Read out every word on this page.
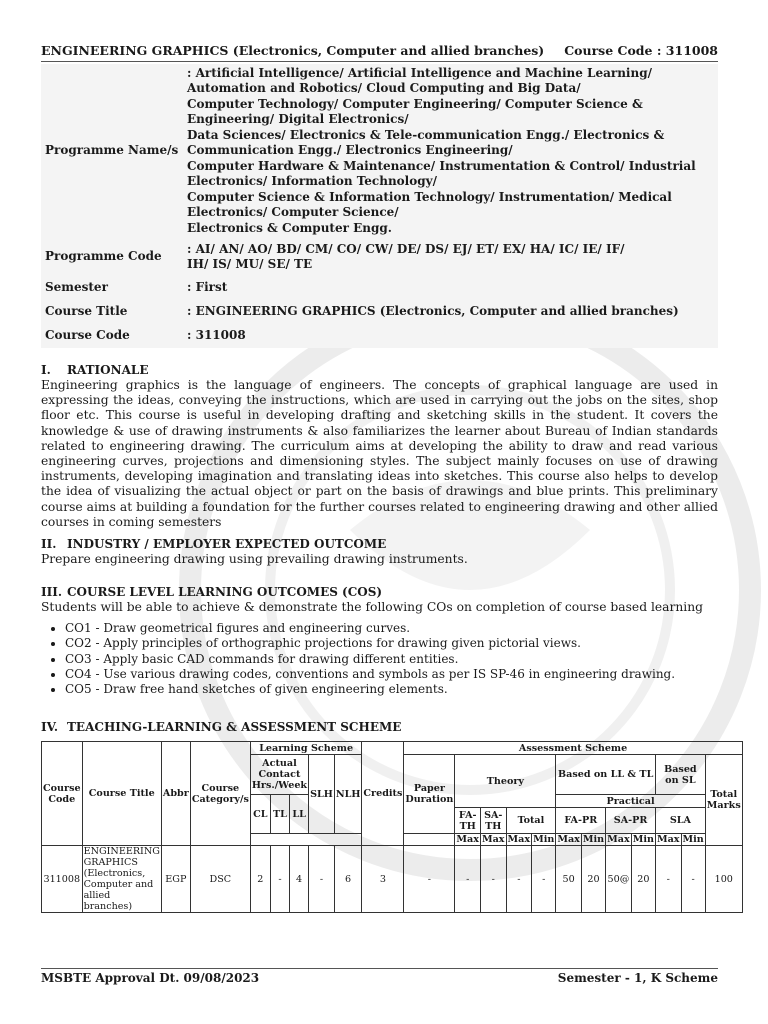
ENGINEERING GRAPHICS (Electronics, Computer and allied branches) Course Code : 311008
Programme Name/s
: Artificial Intelligence/ Artificial Intelligence and Machine Learning/ Automation and Robotics/ Cloud Computing and Big Data/
Computer Technology/ Computer Engineering/ Computer Science & Engineering/ Digital Electronics/
Data Sciences/ Electronics & Tele-communication Engg./ Electronics & Communication Engg./ Electronics Engineering/
Computer Hardware & Maintenance/ Instrumentation & Control/ Industrial Electronics/ Information Technology/
Computer Science & Information Technology/ Instrumentation/ Medical Electronics/ Computer Science/
Electronics & Computer Engg.
Programme Code
: AI/ AN/ AO/ BD/ CM/ CO/ CW/ DE/ DS/ EJ/ ET/ EX/ HA/ IC/ IE/ IF/ IH/ IS/ MU/ SE/ TE
Semester	: First
Course Title	: ENGINEERING GRAPHICS (Electronics, Computer and allied branches)
Course Code	: 311008
I. RATIONALE
Engineering graphics is the language of engineers. The concepts of graphical language are used in expressing the ideas, conveying the instructions, which are used in carrying out the jobs on the sites, shop floor etc. This course is useful in developing drafting and sketching skills in the student. It covers the knowledge & use of drawing instruments & also familiarizes the learner about Bureau of Indian standards related to engineering drawing. The curriculum aims at developing the ability to draw and read various engineering curves, projections and dimensioning styles. The subject mainly focuses on use of drawing instruments, developing imagination and translating ideas into sketches. This course also helps to develop the idea of visualizing the actual object or part on the basis of drawings and blue prints. This preliminary course aims at building a foundation for the further courses related to engineering drawing and other allied courses in coming semesters
II. INDUSTRY / EMPLOYER EXPECTED OUTCOME
Prepare engineering drawing using prevailing drawing instruments.
III. COURSE LEVEL LEARNING OUTCOMES (COS)
Students will be able to achieve & demonstrate the following COs on completion of course based learning
• CO1 - Draw geometrical figures and engineering curves.
• CO2 - Apply principles of orthographic projections for drawing given pictorial views.
• CO3 - Apply basic CAD commands for drawing different entities.
• CO4 - Use various drawing codes, conventions and symbols as per IS SP-46 in engineering drawing.
• CO5 - Draw free hand sketches of given engineering elements.
IV. TEACHING-LEARNING & ASSESSMENT SCHEME
Course Code	Course Title	Abbr	Course Category/s	Learning Scheme					Credits	Assessment Scheme											
				Actual Contact Hrs./Week			SLH	NLH		Paper Duration	Theory				Based on LL & TL				Based on SL		Total Marks
				CL	TL	LL									Practical						
											FA-TH	SA-TH	Total		FA-PR		SA-PR		SLA		
											Max	Max	Max	Min	Max	Min	Max	Min	Max	Min	
311008	ENGINEERING GRAPHICS (Electronics, Computer and allied branches)	EGP	DSC	2	-	4	-	6	3	-	-	-	-	-	50	20	50@	20	-	-	100
MSBTE Approval Dt. 09/08/2023	Semester - 1, K Scheme
